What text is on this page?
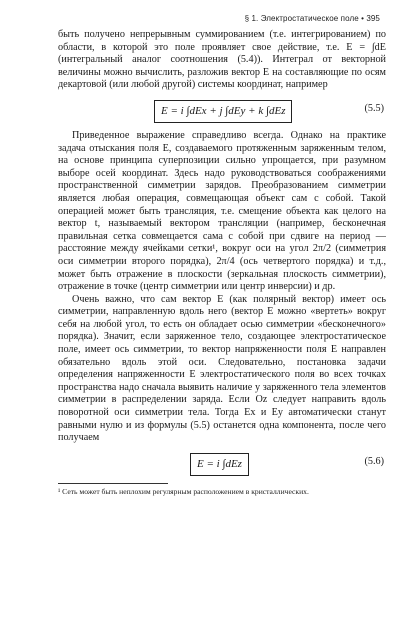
§ 1. Электростатическое поле • 395

быть получено непрерывным суммированием (т.е. интегрированием) по области, в которой это поле проявляет свое действие, т.е. E = ∫dE (интегральный аналог соотношения (5.4)). Интеграл от векторной величины можно вычислить, разложив вектор E на составляющие по осям декартовой (или любой другой) системы координат, например

E = i ∫dEx + j ∫dEy + k ∫dEz	(5.5)

Приведенное выражение справедливо всегда. Однако на практике задача отыскания поля E, создаваемого протяженным заряженным телом, на основе принципа суперпозиции сильно упрощается, при разумном выборе осей координат. Здесь надо руководствоваться соображениями пространственной симметрии зарядов. Преобразованием симметрии является любая операция, совмещающая объект сам с собой. Такой операцией может быть трансляция, т.е. смещение объекта как целого на вектор t, называемый вектором трансляции (например, бесконечная правильная сетка совмещается сама с собой при сдвиге на период — расстояние между ячейками сетки¹, вокруг оси на угол 2π/2 (симметрия оси симметрии второго порядка), 2π/4 (ось четвертого порядка) и т.д., может быть отражение в плоскости (зеркальная плоскость симметрии), отражение в точке (центр симметрии или центр инверсии) и др.

Очень важно, что сам вектор E (как полярный вектор) имеет ось симметрии, направленную вдоль него (вектор E можно «вертеть» вокруг себя на любой угол, то есть он обладает осью симметрии «бесконечного» порядка). Значит, если заряженное тело, создающее электростатическое поле, имеет ось симметрии, то вектор напряженности поля E направлен обязательно вдоль этой оси. Следовательно, постановка задачи определения напряженности E электростатического поля во всех точках пространства надо сначала выявить наличие у заряженного тела элементов симметрии в распределении заряда. Если Oz следует направить вдоль поворотной оси симметрии тела. Тогда Ex и Ey автоматически станут равными нулю и из формулы (5.5) останется одна компонента, после чего получаем

E = i ∫dEz	(5.6)

¹ Сеть может быть неплохим регулярным расположением в кристаллических.
